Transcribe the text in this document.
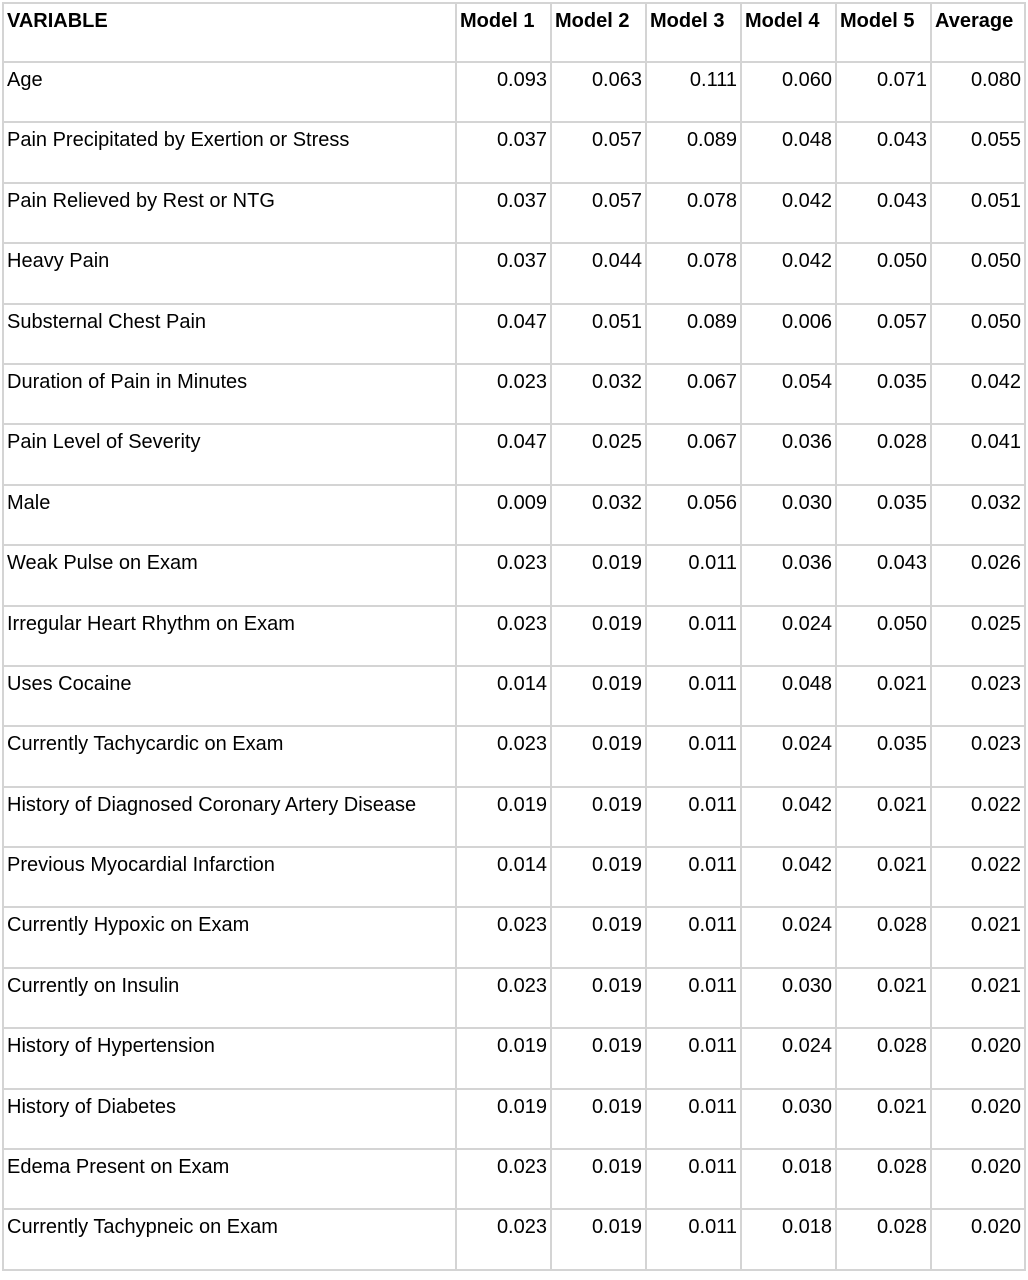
VARIABLE	Model 1	Model 2	Model 3	Model 4	Model 5	Average
Age	0.093	0.063	0.111	0.060	0.071	0.080
Pain Precipitated by Exertion or Stress	0.037	0.057	0.089	0.048	0.043	0.055
Pain Relieved by Rest or NTG	0.037	0.057	0.078	0.042	0.043	0.051
Heavy Pain	0.037	0.044	0.078	0.042	0.050	0.050
Substernal Chest Pain	0.047	0.051	0.089	0.006	0.057	0.050
Duration of Pain in Minutes	0.023	0.032	0.067	0.054	0.035	0.042
Pain Level of Severity	0.047	0.025	0.067	0.036	0.028	0.041
Male	0.009	0.032	0.056	0.030	0.035	0.032
Weak Pulse on Exam	0.023	0.019	0.011	0.036	0.043	0.026
Irregular Heart Rhythm on Exam	0.023	0.019	0.011	0.024	0.050	0.025
Uses Cocaine	0.014	0.019	0.011	0.048	0.021	0.023
Currently Tachycardic on Exam	0.023	0.019	0.011	0.024	0.035	0.023
History of Diagnosed Coronary Artery Disease	0.019	0.019	0.011	0.042	0.021	0.022
Previous Myocardial Infarction	0.014	0.019	0.011	0.042	0.021	0.022
Currently Hypoxic on Exam	0.023	0.019	0.011	0.024	0.028	0.021
Currently on Insulin	0.023	0.019	0.011	0.030	0.021	0.021
History of Hypertension	0.019	0.019	0.011	0.024	0.028	0.020
History of Diabetes	0.019	0.019	0.011	0.030	0.021	0.020
Edema Present on Exam	0.023	0.019	0.011	0.018	0.028	0.020
Currently Tachypneic on Exam	0.023	0.019	0.011	0.018	0.028	0.020
